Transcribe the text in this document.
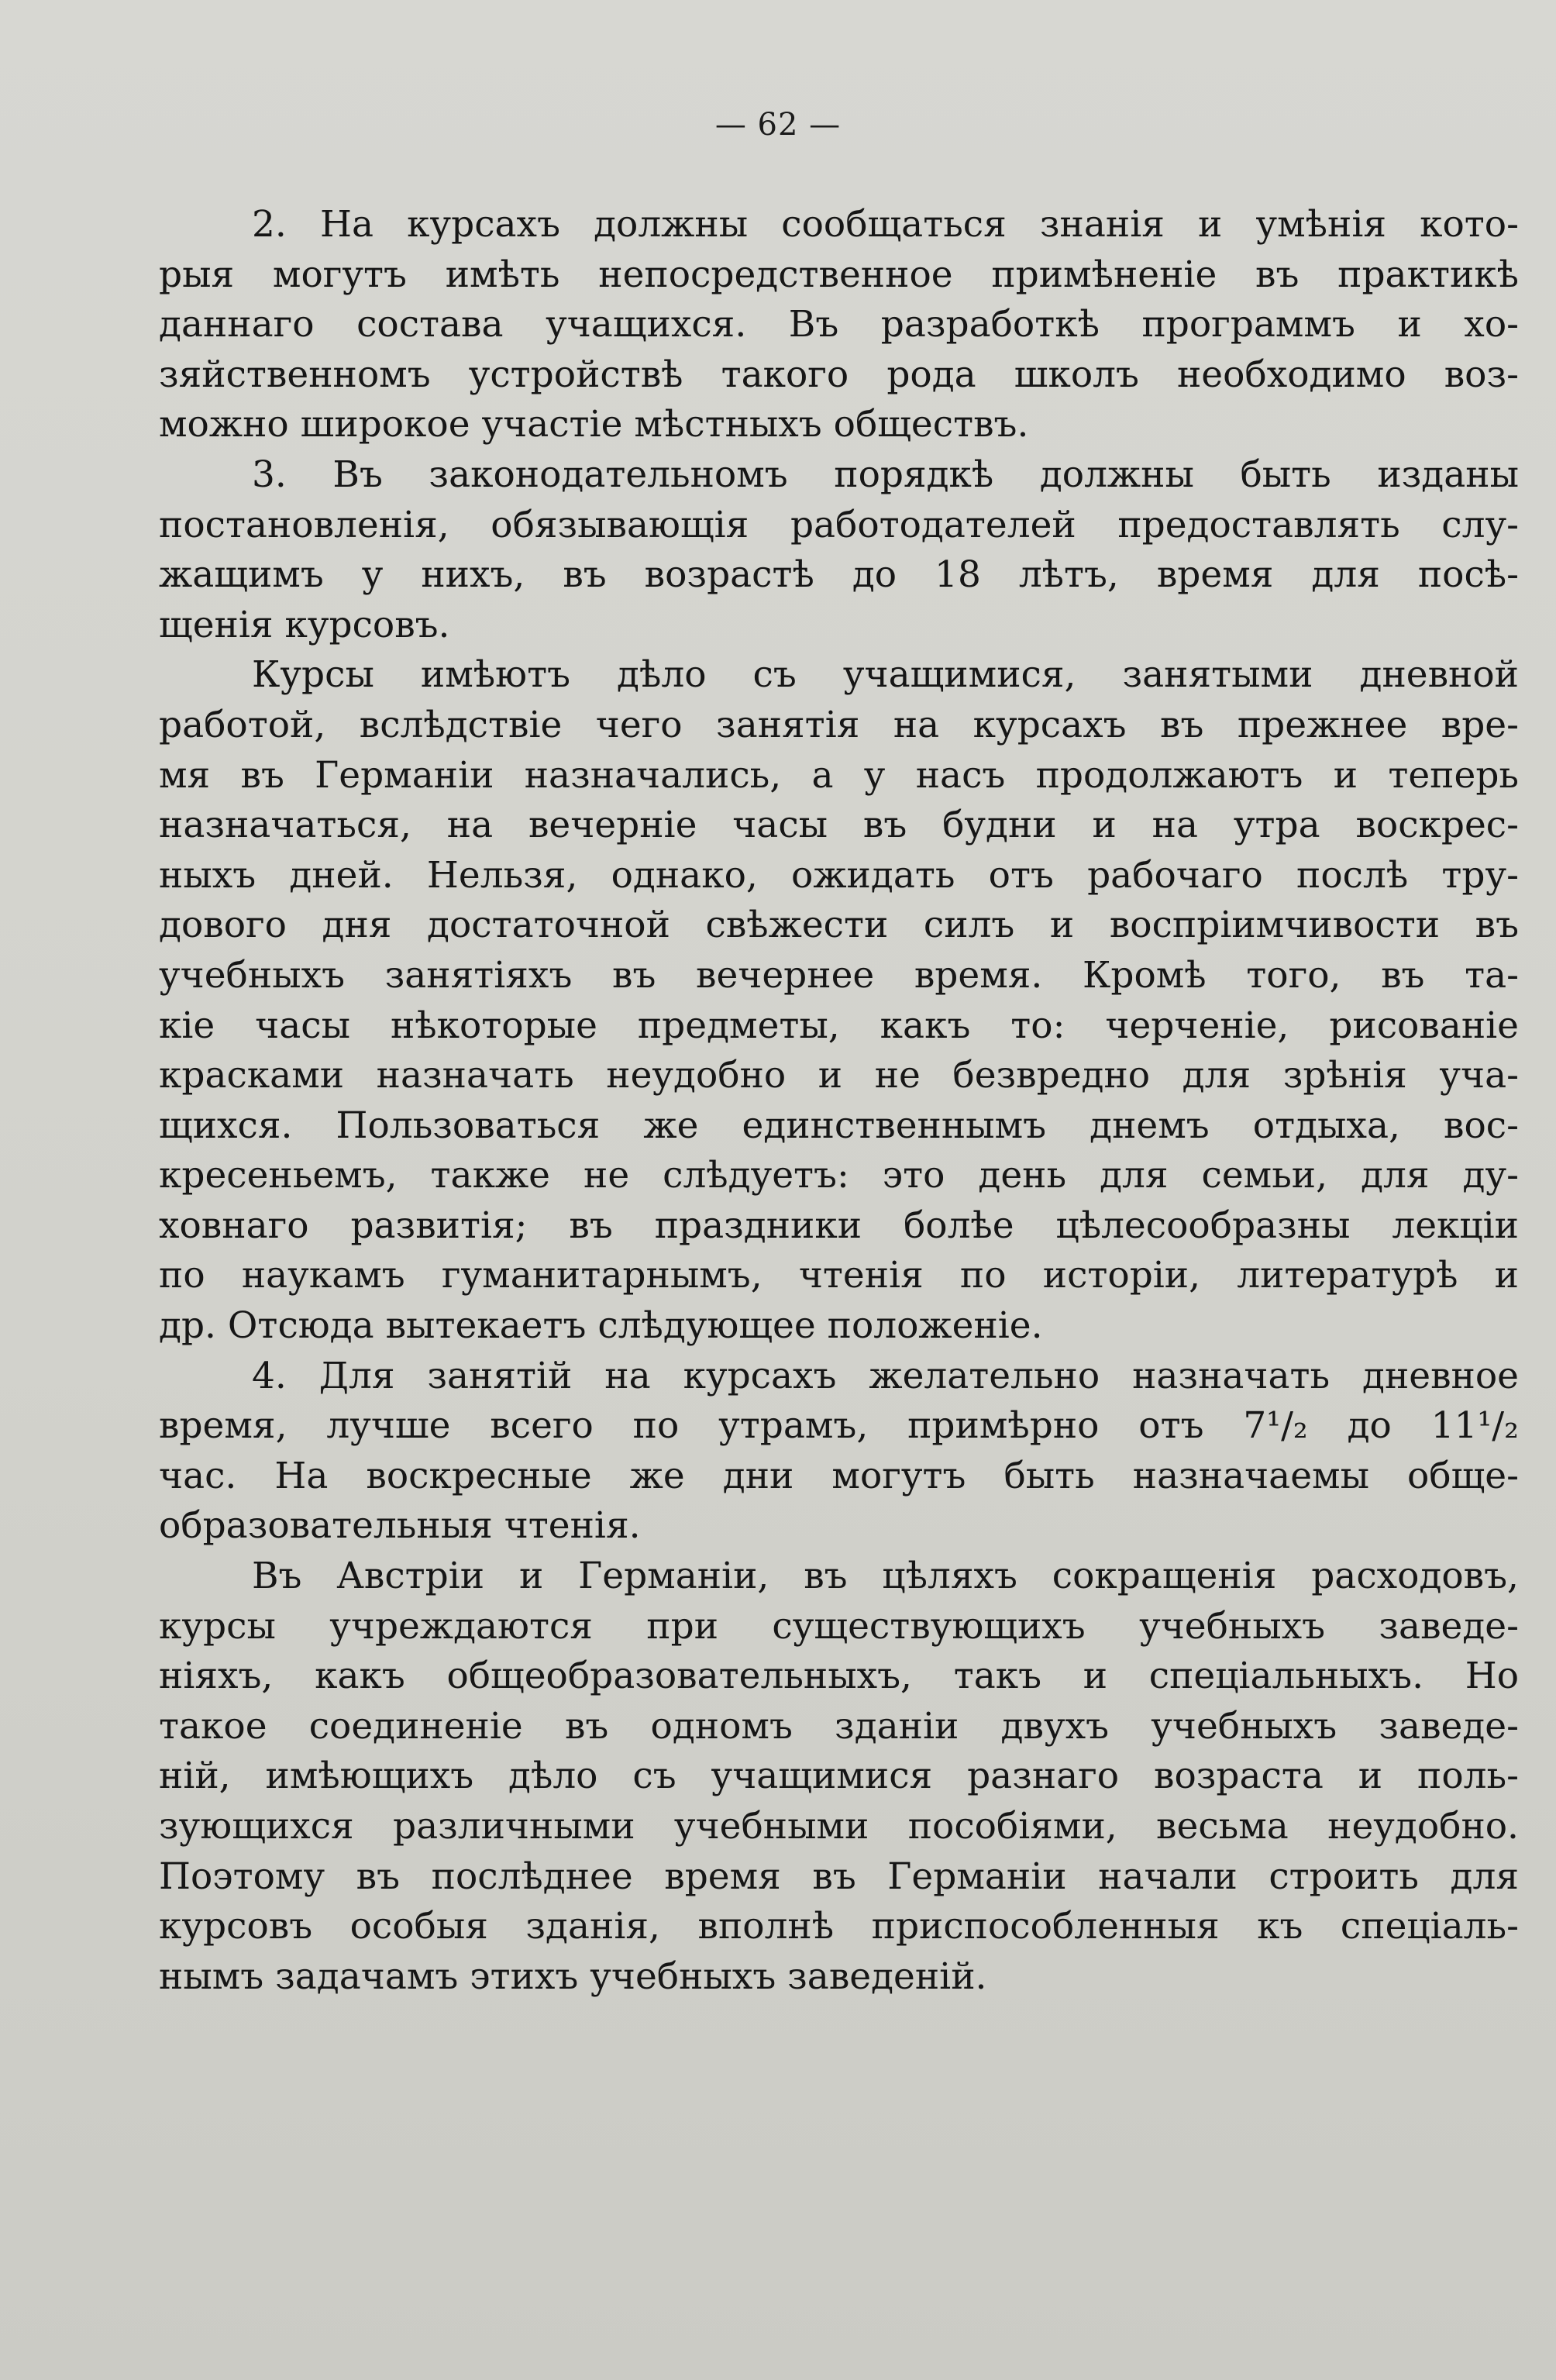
— 62 —

2. На курсахъ должны сообщаться знанія и умѣнія кото-
рыя могутъ имѣть непосредственное примѣненіе въ практикѣ
даннаго состава учащихся. Въ разработкѣ программъ и хо-
зяйственномъ устройствѣ такого рода школъ необходимо воз-
можно широкое участіе мѣстныхъ обществъ.

3. Въ законодательномъ порядкѣ должны быть изданы
постановленія, обязывающія работодателей предоставлять слу-
жащимъ у нихъ, въ возрастѣ до 18 лѣтъ, время для посѣ-
щенія курсовъ.

Курсы имѣютъ дѣло съ учащимися, занятыми дневной
работой, вслѣдствіе чего занятія на курсахъ въ прежнее вре-
мя въ Германіи назначались, а у насъ продолжаютъ и теперь
назначаться, на вечерніе часы въ будни и на утра воскрес-
ныхъ дней. Нельзя, однако, ожидать отъ рабочаго послѣ тру-
дового дня достаточной свѣжести силъ и воспріимчивости въ
учебныхъ занятіяхъ въ вечернее время. Кромѣ того, въ та-
кіе часы нѣкоторые предметы, какъ то: черченіе, рисованіе
красками назначать неудобно и не безвредно для зрѣнія уча-
щихся. Пользоваться же единственнымъ днемъ отдыха, вос-
кресеньемъ, также не слѣдуетъ: это день для семьи, для ду-
ховнаго развитія; въ праздники болѣе цѣлесообразны лекціи
по наукамъ гуманитарнымъ, чтенія по исторіи, литературѣ и
др. Отсюда вытекаетъ слѣдующее положеніе.

4. Для занятій на курсахъ желательно назначать дневное
время, лучше всего по утрамъ, примѣрно отъ 7¹/₂ до 11¹/₂
час. На воскресные же дни могутъ быть назначаемы обще-
образовательныя чтенія.

Въ Австріи и Германіи, въ цѣляхъ сокращенія расходовъ,
курсы учреждаются при существующихъ учебныхъ заведе-
ніяхъ, какъ общеобразовательныхъ, такъ и спеціальныхъ. Но
такое соединеніе въ одномъ зданіи двухъ учебныхъ заведе-
ній, имѣющихъ дѣло съ учащимися разнаго возраста и поль-
зующихся различными учебными пособіями, весьма неудобно.
Поэтому въ послѣднее время въ Германіи начали строить для
курсовъ особыя зданія, вполнѣ приспособленныя къ спеціаль-
нымъ задачамъ этихъ учебныхъ заведеній.
